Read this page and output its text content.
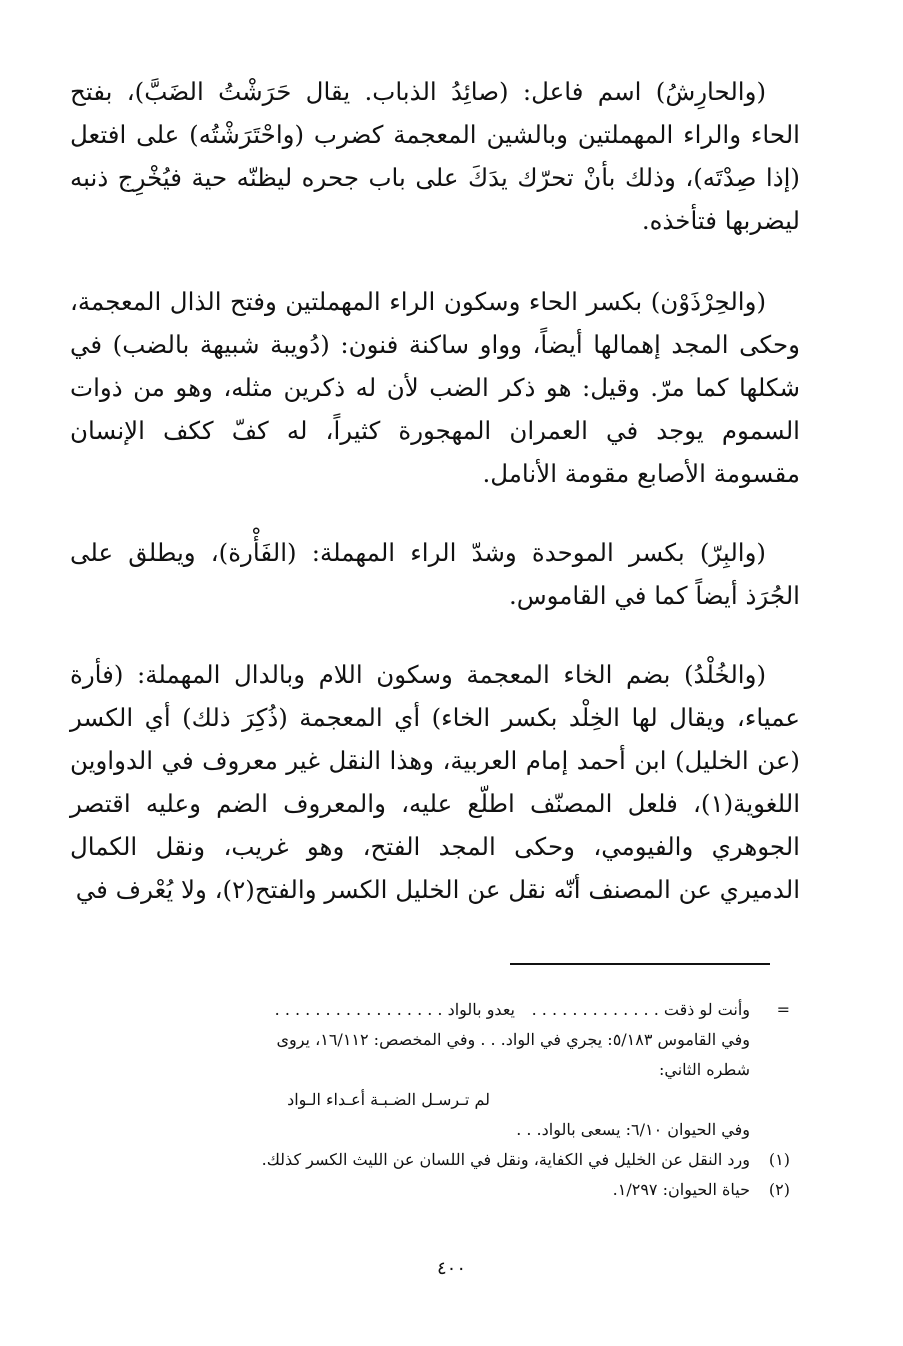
(والحارِشُ) اسم فاعل: (صائِدُ الذباب. يقال حَرَشْتُ الضَبَّ)، بفتح الحاء والراء المهملتين وبالشين المعجمة كضرب (واحْتَرَشْتُه) على افتعل (إذا صِدْتَه)، وذلك بأنْ تحرّك يدَكَ على باب جحره ليظنّه حية فيُخْرِج ذنبه ليضربها فتأخذه.

(والحِرْذَوْن) بكسر الحاء وسكون الراء المهملتين وفتح الذال المعجمة، وحكى المجد إهمالها أيضاً، وواو ساكنة فنون: (دُويبة شبيهة بالضب) في شكلها كما مرّ. وقيل: هو ذكر الضب لأن له ذكرين مثله، وهو من ذوات السموم يوجد في العمران المهجورة كثيراً، له كفّ ككف الإنسان مقسومة الأصابع مقومة الأنامل.

(والبِرّ) بكسر الموحدة وشدّ الراء المهملة: (الفَأْرة)، ويطلق على الجُرَذ أيضاً كما في القاموس.

(والخُلْدُ) بضم الخاء المعجمة وسكون اللام وبالدال المهملة: (فأرة عمياء، ويقال لها الخِلْد بكسر الخاء) أي المعجمة (ذُكِرَ ذلك) أي الكسر (عن الخليل) ابن أحمد إمام العربية، وهذا النقل غير معروف في الدواوين اللغوية(١)، فلعل المصنّف اطلّع عليه، والمعروف الضم وعليه اقتصر الجوهري والفيومي، وحكى المجد الفتح، وهو غريب، ونقل الكمال الدميري عن المصنف أنّه نقل عن الخليل الكسر والفتح(٢)، ولا يُعْرف في

=
وأنت لو ذقت . . . . . . . . . . . . .
يعدو بالواد . . . . . . . . . . . . . . . . .
وفي القاموس ٥/١٨٣: يجري في الواد. . . وفي المخصص: ١٦/١١٢، يروى
شطره الثاني:
لم تـرسـل الضـبـة أعـداء الـواد
وفي الحيوان ٦/١٠: يسعى بالواد. . .
(١)
ورد النقل عن الخليل في الكفاية، ونقل في اللسان عن الليث الكسر كذلك.
(٢)
حياة الحيوان: ١/٢٩٧.
٤٠٠
